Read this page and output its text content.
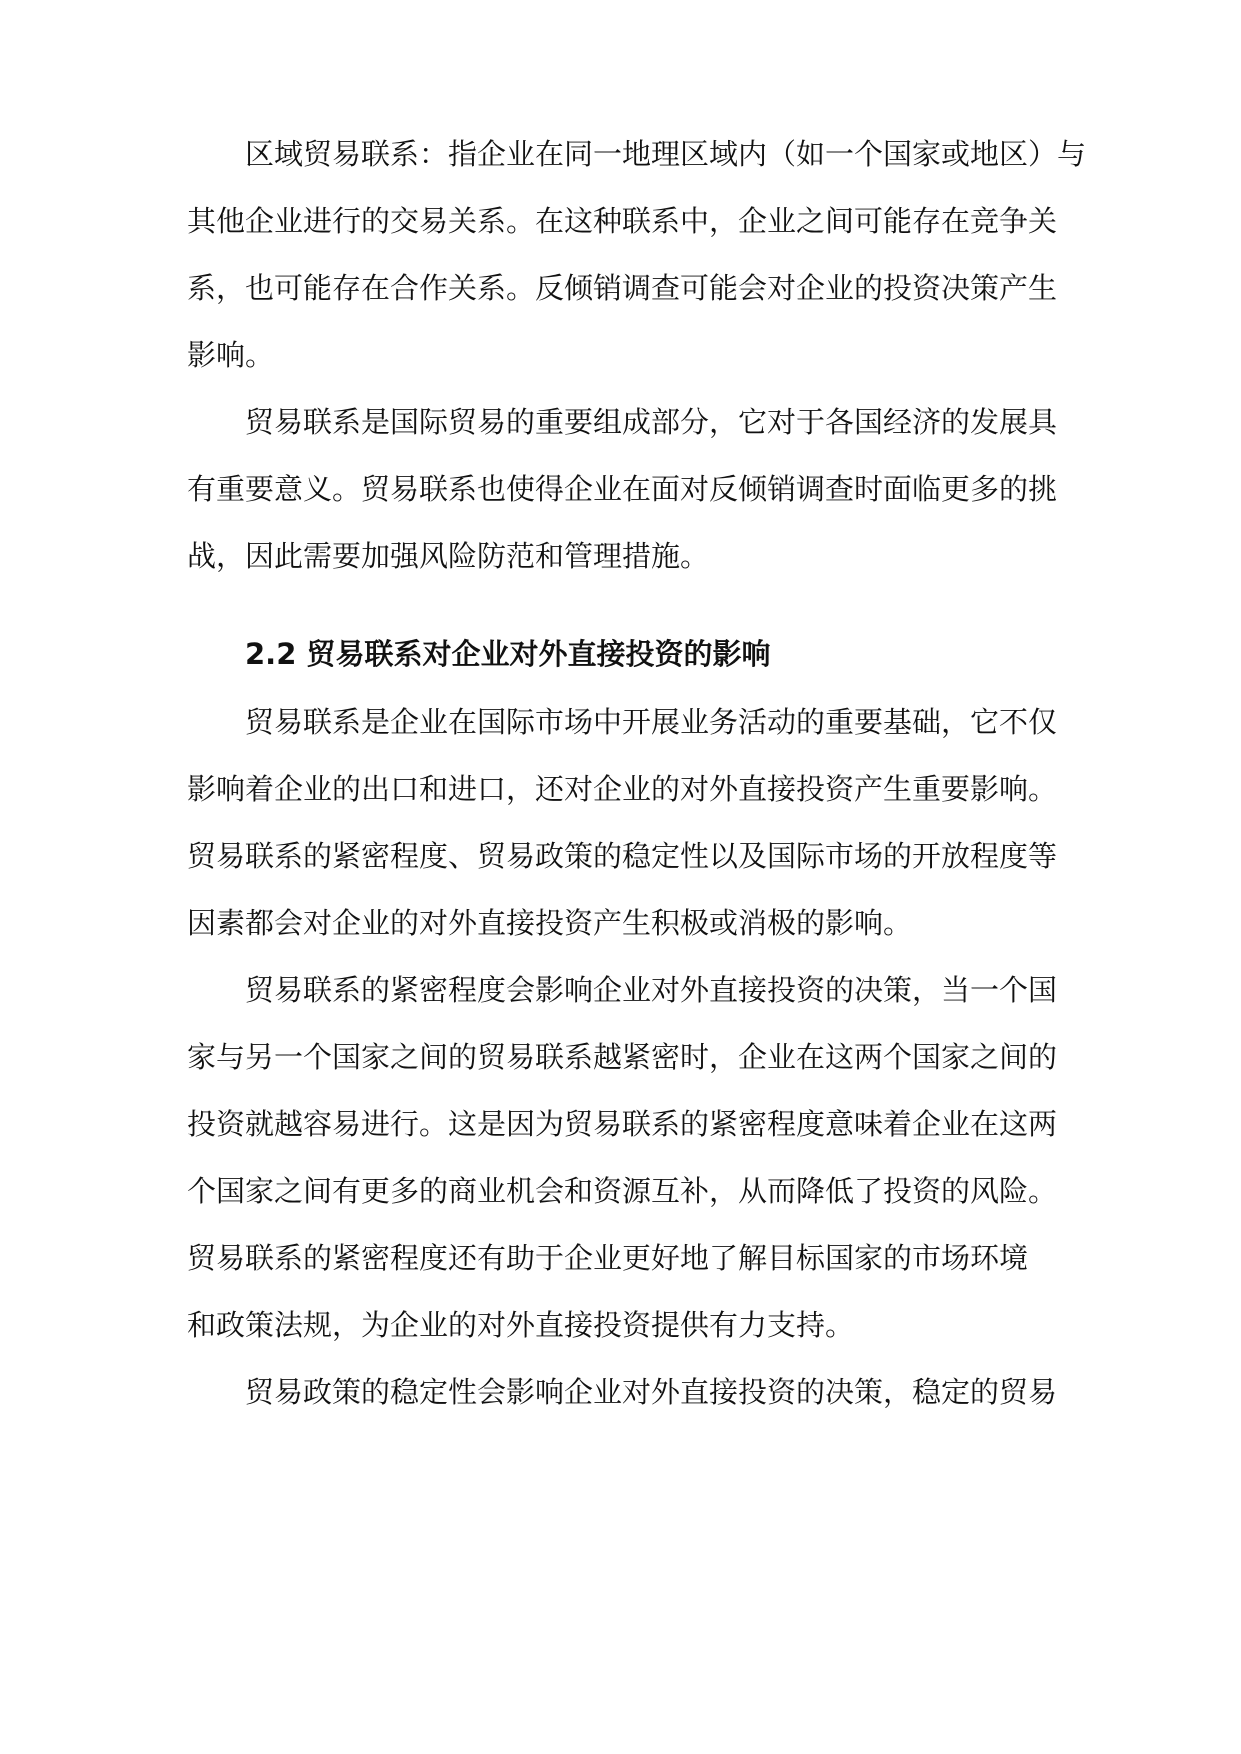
区域贸易联系：指企业在同一地理区域内（如一个国家或地区）与
其他企业进行的交易关系。在这种联系中，企业之间可能存在竞争关
系，也可能存在合作关系。反倾销调查可能会对企业的投资决策产生
影响。
贸易联系是国际贸易的重要组成部分，它对于各国经济的发展具
有重要意义。贸易联系也使得企业在面对反倾销调查时面临更多的挑
战，因此需要加强风险防范和管理措施。
2.2 贸易联系对企业对外直接投资的影响
贸易联系是企业在国际市场中开展业务活动的重要基础，它不仅
影响着企业的出口和进口，还对企业的对外直接投资产生重要影响。
贸易联系的紧密程度、贸易政策的稳定性以及国际市场的开放程度等
因素都会对企业的对外直接投资产生积极或消极的影响。
贸易联系的紧密程度会影响企业对外直接投资的决策，当一个国
家与另一个国家之间的贸易联系越紧密时，企业在这两个国家之间的
投资就越容易进行。这是因为贸易联系的紧密程度意味着企业在这两
个国家之间有更多的商业机会和资源互补，从而降低了投资的风险。
贸易联系的紧密程度还有助于企业更好地了解目标国家的市场环境
和政策法规，为企业的对外直接投资提供有力支持。
贸易政策的稳定性会影响企业对外直接投资的决策，稳定的贸易
